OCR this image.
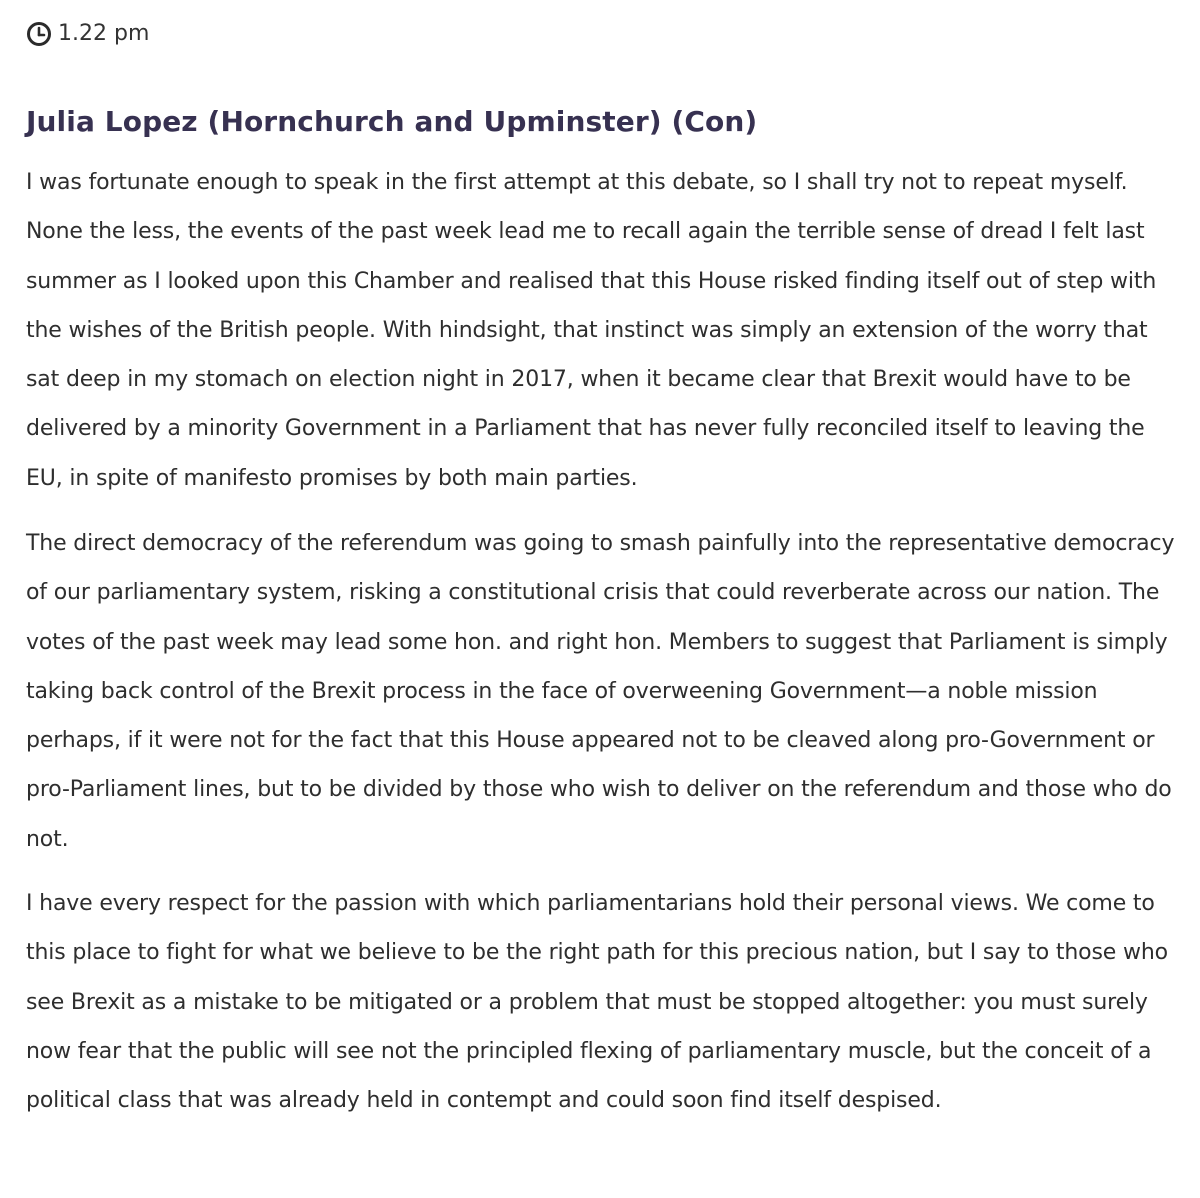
1.22 pm
Julia Lopez (Hornchurch and Upminster) (Con)

I was fortunate enough to speak in the first attempt at this debate, so I shall try not to repeat myself. None the less, the events of the past week lead me to recall again the terrible sense of dread I felt last summer as I looked upon this Chamber and realised that this House risked finding itself out of step with the wishes of the British people. With hindsight, that instinct was simply an extension of the worry that sat deep in my stomach on election night in 2017, when it became clear that Brexit would have to be delivered by a minority Government in a Parliament that has never fully reconciled itself to leaving the EU, in spite of manifesto promises by both main parties.

The direct democracy of the referendum was going to smash painfully into the representative democracy of our parliamentary system, risking a constitutional crisis that could reverberate across our nation. The votes of the past week may lead some hon. and right hon. Members to suggest that Parliament is simply taking back control of the Brexit process in the face of overweening Government—a noble mission perhaps, if it were not for the fact that this House appeared not to be cleaved along pro-Government or pro-Parliament lines, but to be divided by those who wish to deliver on the referendum and those who do not.

I have every respect for the passion with which parliamentarians hold their personal views. We come to this place to fight for what we believe to be the right path for this precious nation, but I say to those who see Brexit as a mistake to be mitigated or a problem that must be stopped altogether: you must surely now fear that the public will see not the principled flexing of parliamentary muscle, but the conceit of a political class that was already held in contempt and could soon find itself despised.
